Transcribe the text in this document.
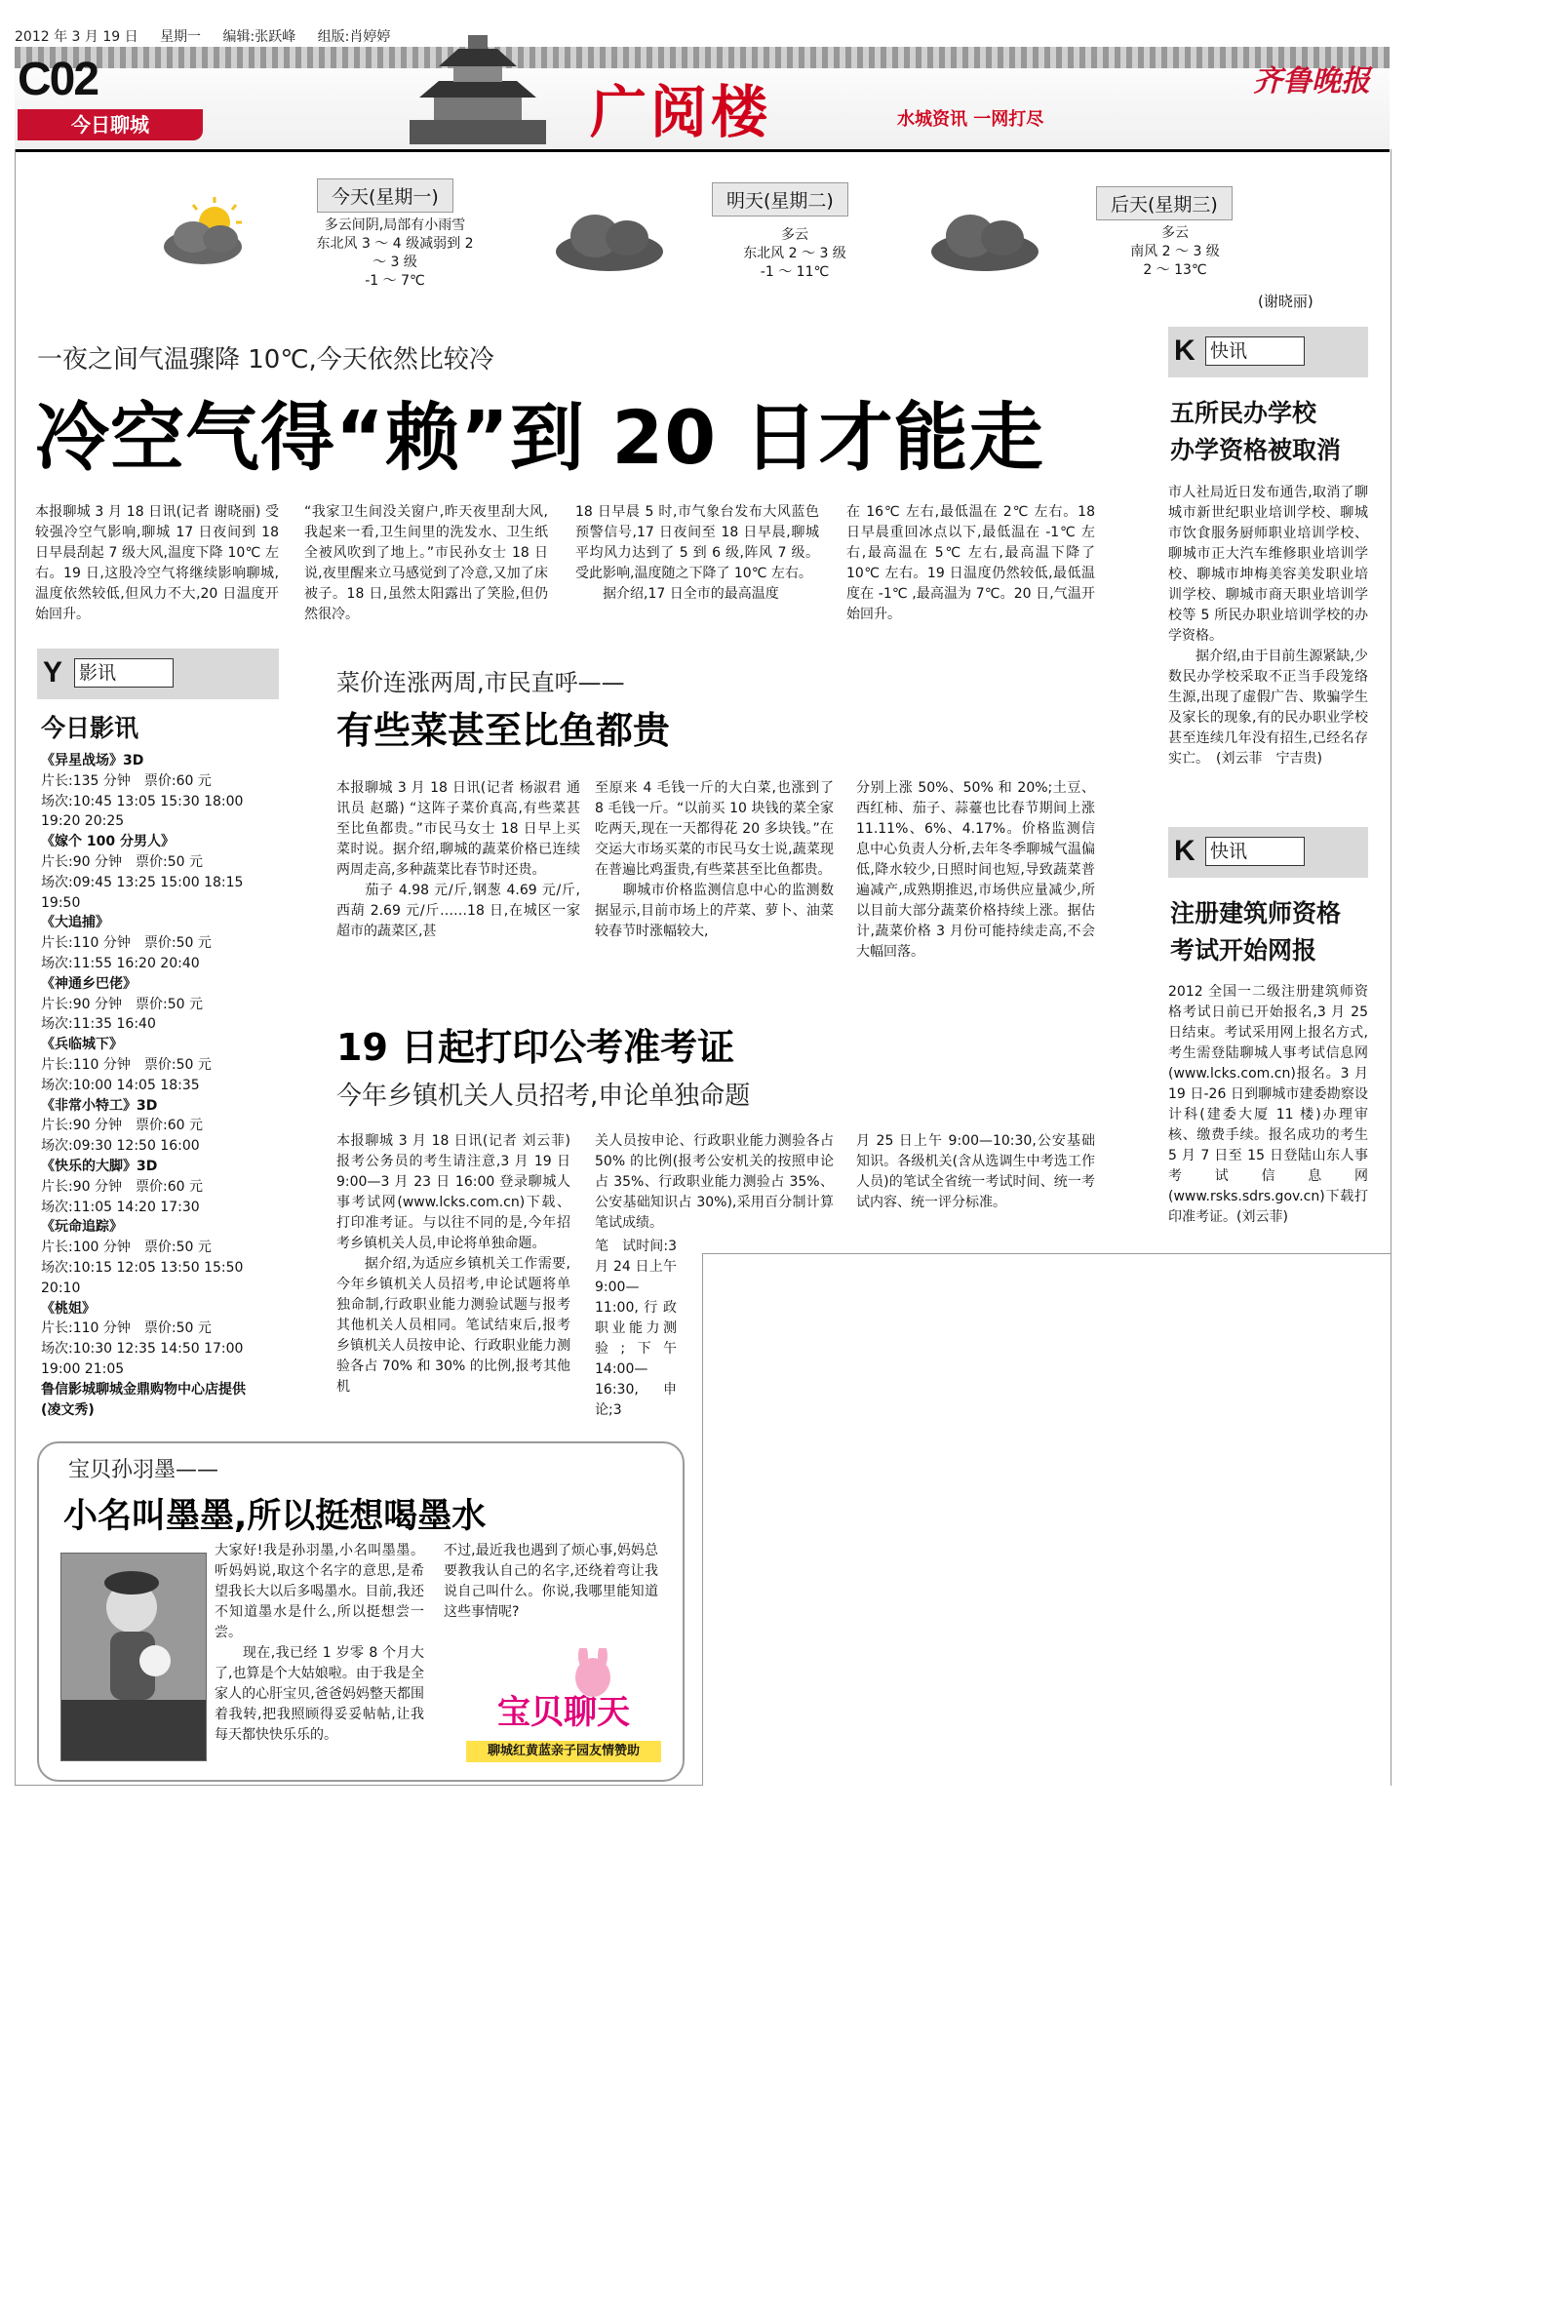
2012 年 3 月 19 日 星期一 编辑:张跃峰 组版:肖婷婷
C02
今日聊城	广阅楼	水城资讯 一网打尽
齐鲁晚报
今天(星期一)
多云间阴,局部有小雨雪
东北风 3 ～ 4 级减弱到 2
～ 3 级
-1 ～ 7℃
明天(星期二)
多云
东北风 2 ～ 3 级
-1 ～ 11℃
后天(星期三)
多云
南风 2 ～ 3 级
2 ～ 13℃
(谢晓丽)
一夜之间气温骤降 10℃,今天依然比较冷
冷空气得“赖”到 20 日才能走
本报聊城 3 月 18 日讯(记者 谢晓丽) 受较强冷空气影响,聊城 17 日夜间到 18 日早晨刮起 7 级大风,温度下降 10℃ 左右。19 日,这股冷空气将继续影响聊城,温度依然较低,但风力不大,20 日温度开始回升。
“我家卫生间没关窗户,昨天夜里刮大风,我起来一看,卫生间里的洗发水、卫生纸全被风吹到了地上。”市民孙女士 18 日说,夜里醒来立马感觉到了冷意,又加了床被子。18 日,虽然太阳露出了笑脸,但仍然很冷。
18 日早晨 5 时,市气象台发布大风蓝色预警信号,17 日夜间至 18 日早晨,聊城平均风力达到了 5 到 6 级,阵风 7 级。受此影响,温度随之下降了 10℃ 左右。
　　据介绍,17 日全市的最高温度
在 16℃ 左右,最低温在 2℃ 左右。18 日早晨重回冰点以下,最低温在 -1℃ 左右,最高温在 5℃ 左右,最高温下降了 10℃ 左右。19 日温度仍然较低,最低温度在 -1℃ ,最高温为 7℃。20 日,气温开始回升。
K 快讯
五所民办学校
办学资格被取消
市人社局近日发布通告,取消了聊城市新世纪职业培训学校、聊城市饮食服务厨师职业培训学校、聊城市正大汽车维修职业培训学校、聊城市坤梅美容美发职业培训学校、聊城市商天职业培训学校等 5 所民办职业培训学校的办学资格。
　　据介绍,由于目前生源紧缺,少数民办学校采取不正当手段笼络生源,出现了虚假广告、欺骗学生及家长的现象,有的民办职业学校甚至连续几年没有招生,已经名存实亡。　(刘云菲　宁吉贵)
K 快讯
注册建筑师资格
考试开始网报
2012 全国一二级注册建筑师资格考试日前已开始报名,3 月 25 日结束。考试采用网上报名方式,考生需登陆聊城人事考试信息网(www.lcks.com.cn)报名。3 月 19 日-26 日到聊城市建委勘察设计科(建委大厦 11 楼)办理审核、缴费手续。报名成功的考生 5 月 7 日至 15 日登陆山东人事考试信息网(www.rsks.sdrs.gov.cn)下载打印准考证。(刘云菲)
Y 影讯
今日影讯
《异星战场》3D
片长:135 分钟　票价:60 元
场次:10:45 13:05 15:30 18:00 19:20 20:25
《嫁个 100 分男人》
片长:90 分钟　票价:50 元
场次:09:45 13:25 15:00 18:15 19:50
《大追捕》
片长:110 分钟　票价:50 元
场次:11:55 16:20 20:40
《神通乡巴佬》
片长:90 分钟　票价:50 元
场次:11:35 16:40
《兵临城下》
片长:110 分钟　票价:50 元
场次:10:00 14:05 18:35
《非常小特工》3D
片长:90 分钟　票价:60 元
场次:09:30 12:50 16:00
《快乐的大脚》3D
片长:90 分钟　票价:60 元
场次:11:05 14:20 17:30
《玩命追踪》
片长:100 分钟　票价:50 元
场次:10:15 12:05 13:50 15:50 20:10
《桃姐》
片长:110 分钟　票价:50 元
场次:10:30 12:35 14:50 17:00 19:00 21:05
鲁信影城聊城金鼎购物中心店提供　　(凌文秀)
菜价连涨两周,市民直呼——
有些菜甚至比鱼都贵
本报聊城 3 月 18 日讯(记者 杨淑君 通讯员 赵璐) “这阵子菜价真高,有些菜甚至比鱼都贵。”市民马女士 18 日早上买菜时说。据介绍,聊城的蔬菜价格已连续两周走高,多种蔬菜比春节时还贵。
　　茄子 4.98 元/斤,钢葱 4.69 元/斤,西葫 2.69 元/斤……18 日,在城区一家超市的蔬菜区,甚
至原来 4 毛钱一斤的大白菜,也涨到了 8 毛钱一斤。“以前买 10 块钱的菜全家吃两天,现在一天都得花 20 多块钱。”在交运大市场买菜的市民马女士说,蔬菜现在普遍比鸡蛋贵,有些菜甚至比鱼都贵。
　　聊城市价格监测信息中心的监测数据显示,目前市场上的芹菜、萝卜、油菜较春节时涨幅较大,
分别上涨 50%、50% 和 20%;土豆、西红柿、茄子、蒜薹也比春节期间上涨 11.11%、6%、4.17%。价格监测信息中心负责人分析,去年冬季聊城气温偏低,降水较少,日照时间也短,导致蔬菜普遍减产,成熟期推迟,市场供应量减少,所以目前大部分蔬菜价格持续上涨。据估计,蔬菜价格 3 月份可能持续走高,不会大幅回落。
19 日起打印公考准考证
今年乡镇机关人员招考,申论单独命题
本报聊城 3 月 18 日讯(记者 刘云菲) 报考公务员的考生请注意,3 月 19 日 9:00—3 月 23 日 16:00 登录聊城人事考试网(www.lcks.com.cn)下载、打印准考证。与以往不同的是,今年招考乡镇机关人员,申论将单独命题。
　　据介绍,为适应乡镇机关工作需要,今年乡镇机关人员招考,申论试题将单独命制,行政职业能力测验试题与报考其他机关人员相同。笔试结束后,报考乡镇机关人员按申论、行政职业能力测验各占 70% 和 30% 的比例,报考其他机
关人员按申论、行政职业能力测验各占 50% 的比例(报考公安机关的按照申论占 35%、行政职业能力测验占 35%、公安基础知识占 30%),采用百分制计算笔试成绩。
笔　试时间:3 月 24 日上午 9:00—11:00,行政职业能力测验;下午 14:00—16:30,申论;3
月 25 日上午 9:00—10:30,公安基础知识。各级机关(含从选调生中考选工作人员)的笔试全省统一考试时间、统一考试内容、统一评分标准。
宝贝孙羽墨——
小名叫墨墨,所以挺想喝墨水
大家好!我是孙羽墨,小名叫墨墨。听妈妈说,取这个名字的意思,是希望我长大以后多喝墨水。目前,我还不知道墨水是什么,所以挺想尝一尝。
　　现在,我已经 1 岁零 8 个月大了,也算是个大姑娘啦。由于我是全家人的心肝宝贝,爸爸妈妈整天都围着我转,把我照顾得妥妥帖帖,让我每天都快快乐乐的。
不过,最近我也遇到了烦心事,妈妈总要教我认自己的名字,还绕着弯让我说自己叫什么。你说,我哪里能知道这些事情呢?
宝贝聊天
聊城红黄蓝亲子园友情赞助
